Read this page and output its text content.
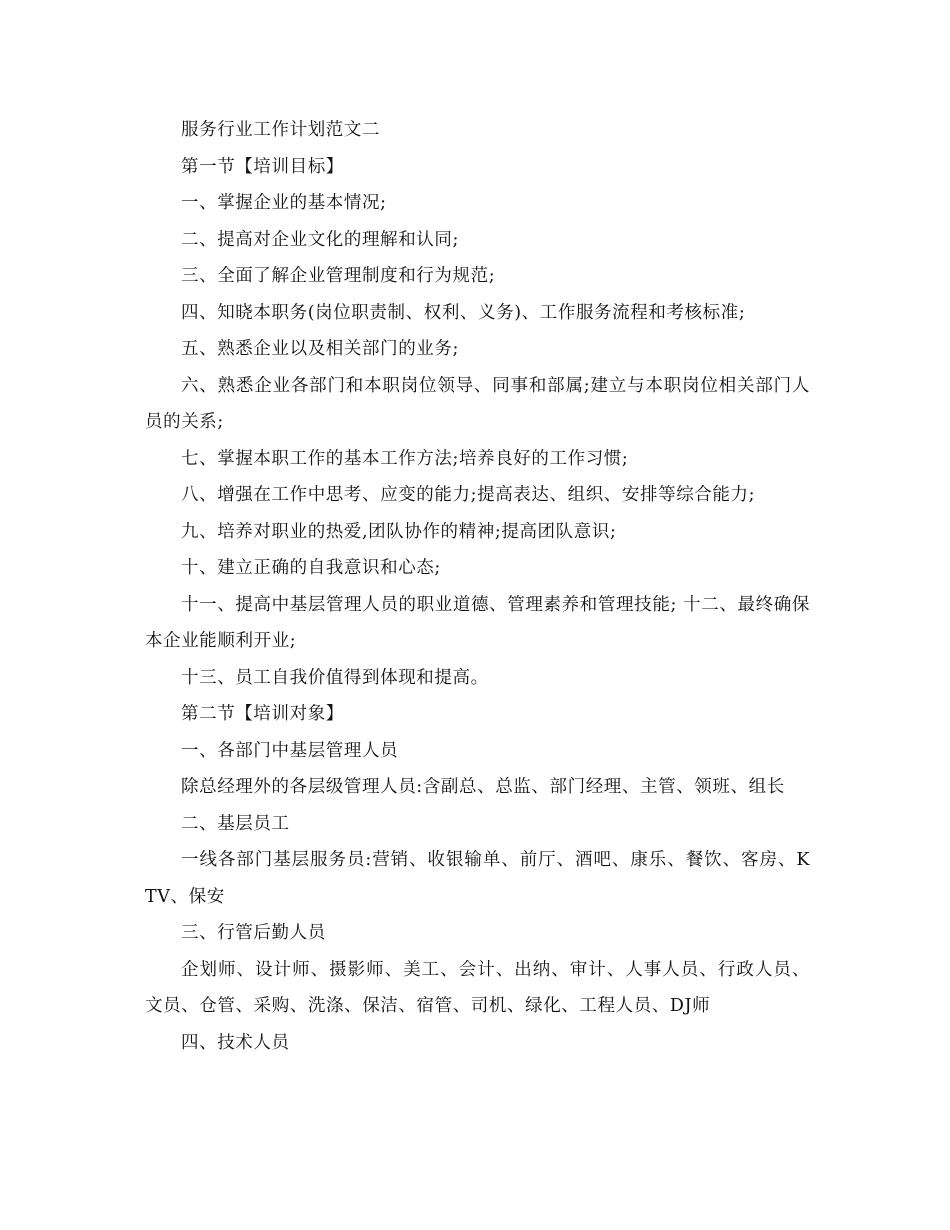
服务行业工作计划范文二

第一节【培训目标】

一、掌握企业的基本情况;

二、提高对企业文化的理解和认同;

三、全面了解企业管理制度和行为规范;

四、知晓本职务(岗位职责制、权利、义务)、工作服务流程和考核标准;

五、熟悉企业以及相关部门的业务;

六、熟悉企业各部门和本职岗位领导、同事和部属;建立与本职岗位相关部门人员的关系;

七、掌握本职工作的基本工作方法;培养良好的工作习惯;

八、增强在工作中思考、应变的能力;提高表达、组织、安排等综合能力;

九、培养对职业的热爱,团队协作的精神;提高团队意识;

十、建立正确的自我意识和心态;

十一、提高中基层管理人员的职业道德、管理素养和管理技能; 十二、最终确保本企业能顺利开业;

十三、员工自我价值得到体现和提高。

第二节【培训对象】

一、各部门中基层管理人员

除总经理外的各层级管理人员:含副总、总监、部门经理、主管、领班、组长

二、基层员工

一线各部门基层服务员:营销、收银输单、前厅、酒吧、康乐、餐饮、客房、KTV、保安

三、行管后勤人员

企划师、设计师、摄影师、美工、会计、出纳、审计、人事人员、行政人员、文员、仓管、采购、洗涤、保洁、宿管、司机、绿化、工程人员、DJ师

四、技术人员
